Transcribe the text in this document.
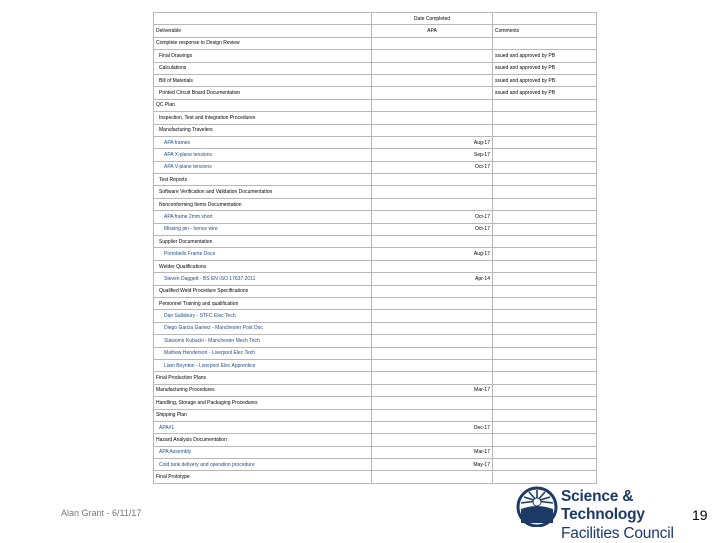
	Date Completed	
Deliverable	APA	Comments
Complete response to Design Review		
Final Drawings		ssued and approved by PB
Calculations		ssued and approved by PB
Bill of Materials		ssued and approved by PB
Printed Circuit Board Documentation		ssued and approved by PB
QC Plan		
Inspection, Test and Integration Procedures		
Manufacturing Travelers		
APA frames	Aug-17	
APA X-plane tensions	Sep-17	
APA V-plane tensions	Oct-17	
Test Reports		
Software Verification and Validation Documentation		
Nonconforming Items Documentation		
APA frame 2mm short	Oct-17	
Missing pin - hence wire	Oct-17	
Supplier Documentation		
Portobello Frame Docs	Aug-17	
Welder Qualifications		
Steven Daggett - BS EN ISO 17637:2011	Apr-14	
Qualified Weld Procedure Specifications		
Personnel Training and qualification		
Dan Salisbury - STFC Elec Tech		
Diego Garcia Gamez - Manchester Post Doc		
Slawomir Kubacki - Manchester Mech Tech		
Mathew Henderson - Liverpool Elec Tech		
Liam Boynton - Liverpool Elec Apprentice		
Final Production Plans		
Manufacturing Procedures	Mar-17	
Handling, Storage and Packaging Procedures		
Shipping Plan		
APA#1	Dec-17	
Hazard Analysis Documentation		
APA Assembly	Mar-17	
Cold tank delivery and operation procedure	May-17	
Final Prototype		
Alan Grant - 6/11/17
Science & Technology
Facilities Council
19
